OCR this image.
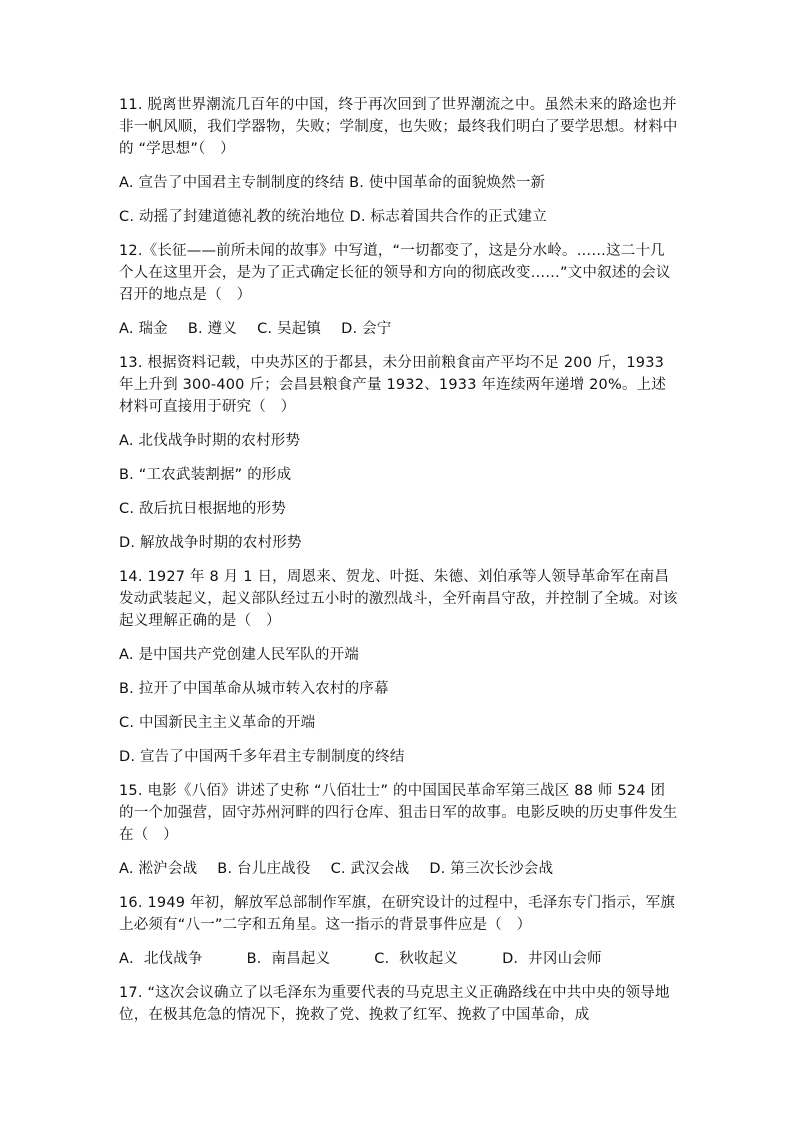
11. 脱离世界潮流几百年的中国，终于再次回到了世界潮流之中。虽然未来的路途也并非一帆风顺，我们学器物，失败；学制度，也失败；最终我们明白了要学思想。材料中的 “学思想”（　）

A. 宣告了中国君主专制制度的终结 B. 使中国革命的面貌焕然一新

C. 动摇了封建道德礼教的统治地位 D. 标志着国共合作的正式建立

12.《长征——前所未闻的故事》中写道，“一切都变了，这是分水岭。……这二十几个人在这里开会，是为了正式确定长征的领导和方向的彻底改变……”文中叙述的会议召开的地点是（　）

A. 瑞金 B. 遵义 C. 吴起镇 D. 会宁

13. 根据资料记载，中央苏区的于都县，未分田前粮食亩产平均不足 200 斤，1933 年上升到 300-400 斤；会昌县粮食产量 1932、1933 年连续两年递增 20%。上述材料可直接用于研究（　）

A. 北伐战争时期的农村形势

B. “工农武装割据” 的形成

C. 敌后抗日根据地的形势

D. 解放战争时期的农村形势

14. 1927 年 8 月 1 日，周恩来、贺龙、叶挺、朱德、刘伯承等人领导革命军在南昌发动武装起义，起义部队经过五小时的激烈战斗，全歼南昌守敌，并控制了全城。对该起义理解正确的是（　）

A. 是中国共产党创建人民军队的开端

B. 拉开了中国革命从城市转入农村的序幕

C. 中国新民主主义革命的开端

D. 宣告了中国两千多年君主专制制度的终结

15. 电影《八佰》讲述了史称 “八佰壮士” 的中国国民革命军第三战区 88 师 524 团的一个加强营，固守苏州河畔的四行仓库、狙击日军的故事。电影反映的历史事件发生在（　）

A. 淞沪会战 B. 台儿庄战役 C. 武汉会战 D. 第三次长沙会战

16. 1949 年初，解放军总部制作军旗，在研究设计的过程中，毛泽东专门指示，军旗上必须有“八一”二字和五角星。这一指示的背景事件应是（　）

A．北伐战争	B．南昌起义	C．秋收起义	D．井冈山会师

17. “这次会议确立了以毛泽东为重要代表的马克思主义正确路线在中共中央的领导地位，在极其危急的情况下，挽救了党、挽救了红军、挽救了中国革命，成
